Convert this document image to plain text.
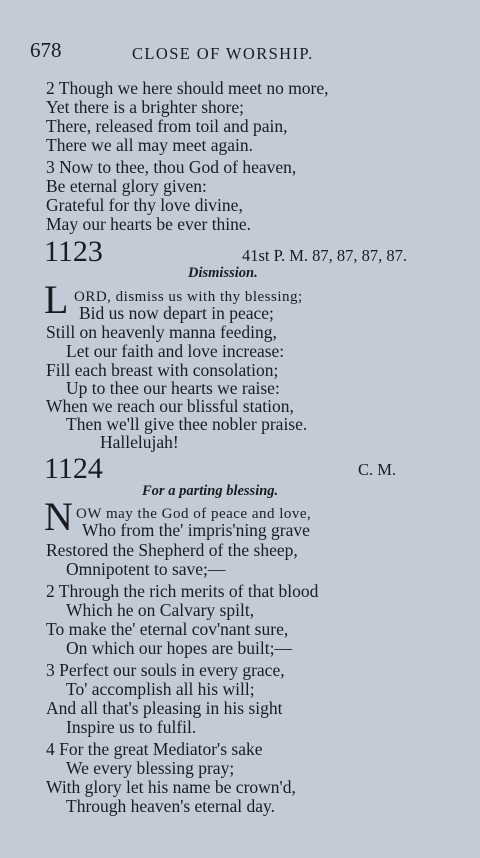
678	CLOSE OF WORSHIP.
2 Though we here should meet no more,
Yet there is a brighter shore;
There, released from toil and pain,
There we all may meet again.
3 Now to thee, thou God of heaven,
Be eternal glory given:
Grateful for thy love divine,
May our hearts be ever thine.
1123	41st P. M. 87, 87, 87, 87.
Dismission.
L ORD, dismiss us with thy blessing;
Bid us now depart in peace;
Still on heavenly manna feeding,
Let our faith and love increase:
Fill each breast with consolation;
Up to thee our hearts we raise:
When we reach our blissful station,
Then we'll give thee nobler praise.
Hallelujah!
1124	C. M.
For a parting blessing.
N OW may the God of peace and love,
Who from the' impris'ning grave
Restored the Shepherd of the sheep,
Omnipotent to save;—
2 Through the rich merits of that blood
Which he on Calvary spilt,
To make the' eternal cov'nant sure,
On which our hopes are built;—
3 Perfect our souls in every grace,
To' accomplish all his will;
And all that's pleasing in his sight
Inspire us to fulfil.
4 For the great Mediator's sake
We every blessing pray;
With glory let his name be crown'd,
Through heaven's eternal day.
